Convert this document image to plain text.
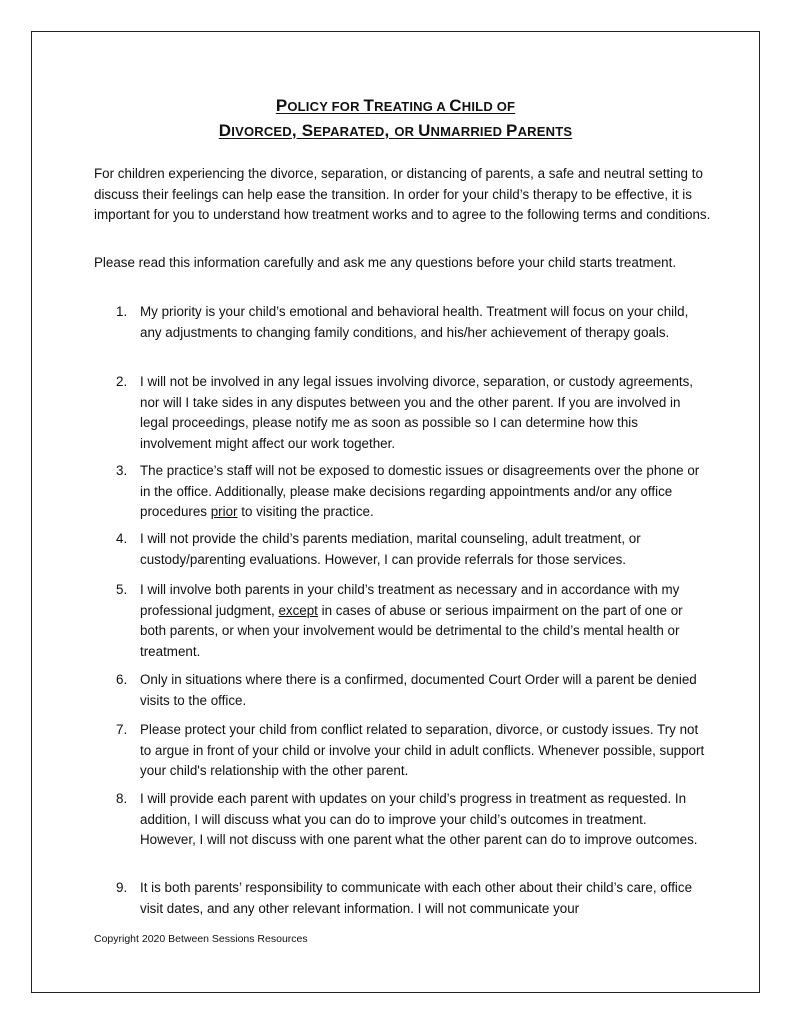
POLICY FOR TREATING A CHILD OF
DIVORCED, SEPARATED, OR UNMARRIED PARENTS

For children experiencing the divorce, separation, or distancing of parents, a safe and neutral setting to discuss their feelings can help ease the transition. In order for your child’s therapy to be effective, it is important for you to understand how treatment works and to agree to the following terms and conditions.

Please read this information carefully and ask me any questions before your child starts treatment.

1. My priority is your child’s emotional and behavioral health. Treatment will focus on your child, any adjustments to changing family conditions, and his/her achievement of therapy goals.
2. I will not be involved in any legal issues involving divorce, separation, or custody agreements, nor will I take sides in any disputes between you and the other parent. If you are involved in legal proceedings, please notify me as soon as possible so I can determine how this involvement might affect our work together.
3. The practice’s staff will not be exposed to domestic issues or disagreements over the phone or in the office. Additionally, please make decisions regarding appointments and/or any office procedures prior to visiting the practice.
4. I will not provide the child’s parents mediation, marital counseling, adult treatment, or custody/parenting evaluations. However, I can provide referrals for those services.
5. I will involve both parents in your child’s treatment as necessary and in accordance with my professional judgment, except in cases of abuse or serious impairment on the part of one or both parents, or when your involvement would be detrimental to the child’s mental health or treatment.
6. Only in situations where there is a confirmed, documented Court Order will a parent be denied visits to the office.
7. Please protect your child from conflict related to separation, divorce, or custody issues. Try not to argue in front of your child or involve your child in adult conflicts. Whenever possible, support your child's relationship with the other parent.
8. I will provide each parent with updates on your child’s progress in treatment as requested. In addition, I will discuss what you can do to improve your child’s outcomes in treatment. However, I will not discuss with one parent what the other parent can do to improve outcomes.
9. It is both parents’ responsibility to communicate with each other about their child’s care, office visit dates, and any other relevant information. I will not communicate your
Copyright 2020 Between Sessions Resources
